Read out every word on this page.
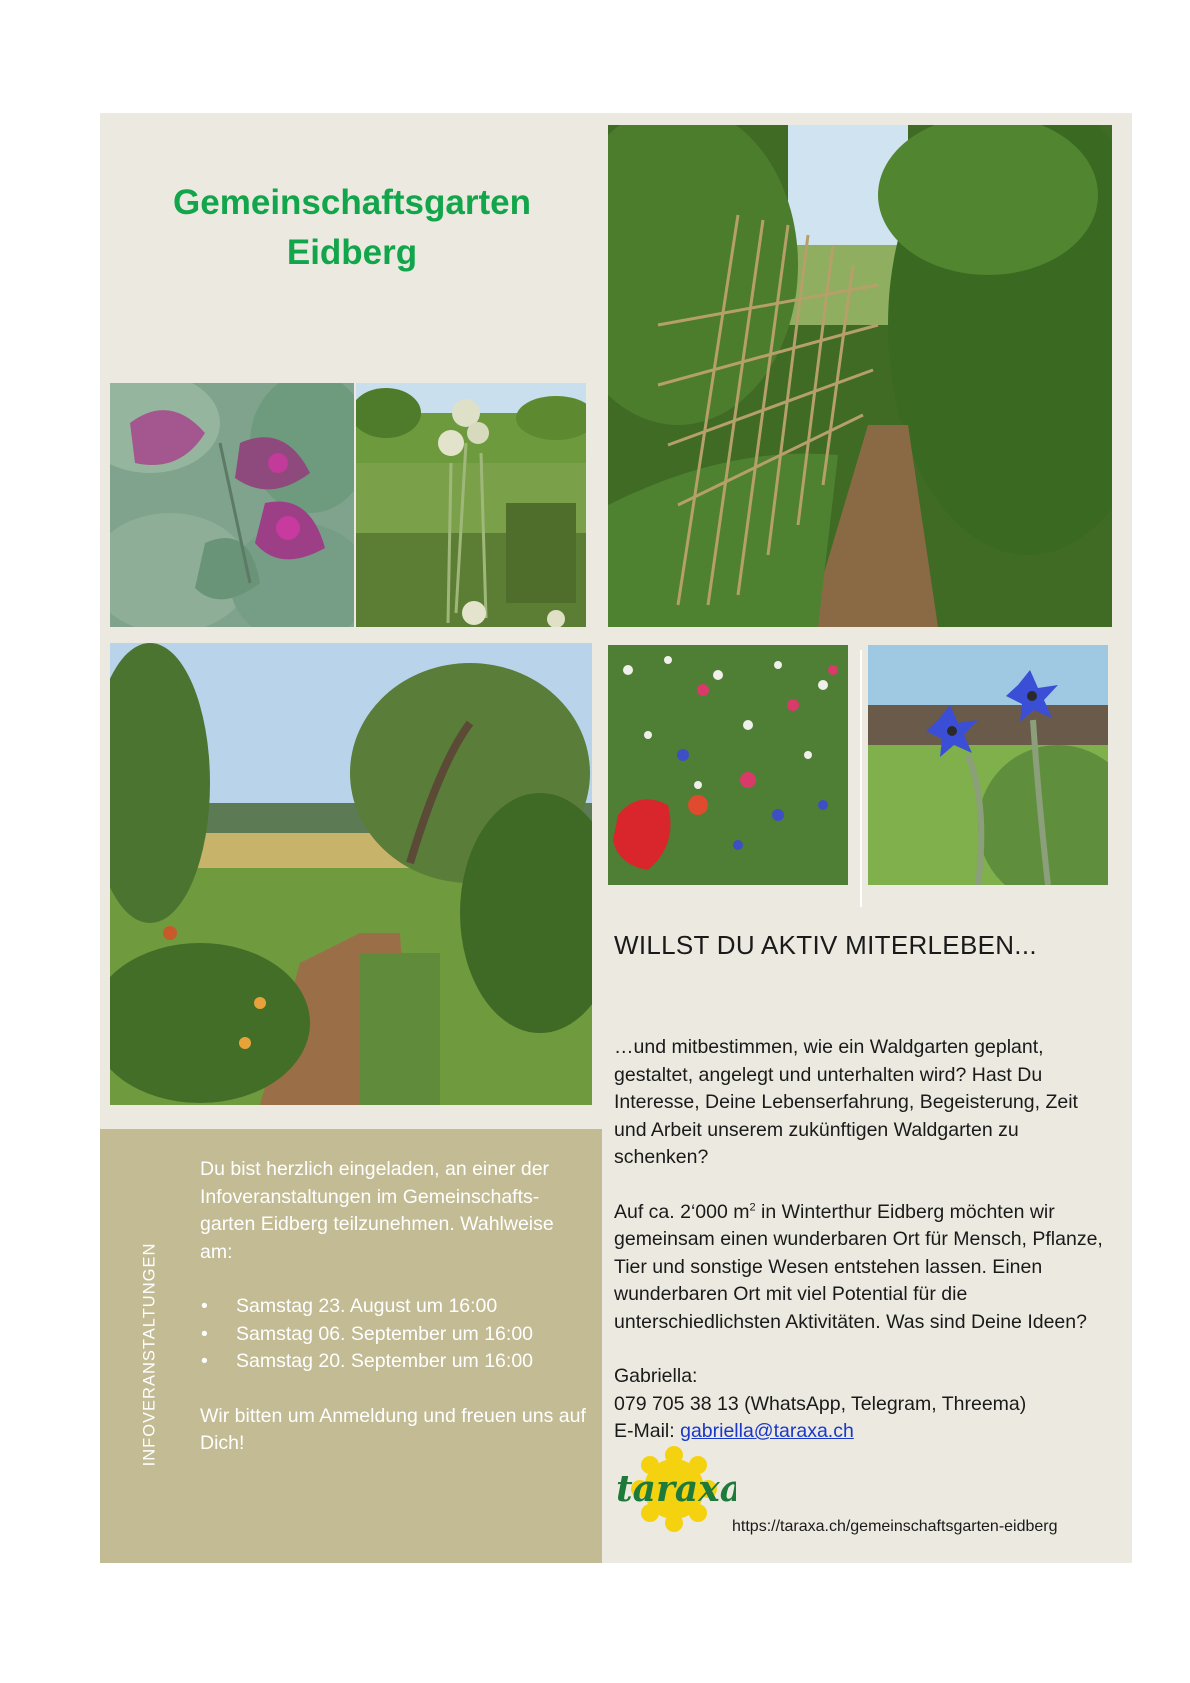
Gemeinschaftsgarten
Eidberg
WILLST DU AKTIV MITERLEBEN...

…und mitbestimmen, wie ein Waldgarten geplant, gestaltet, angelegt und unterhalten wird? Hast Du Interesse, Deine Lebenserfahrung, Begeisterung, Zeit und Arbeit unserem zukünftigen Waldgarten zu schenken?

Auf ca. 2‘000 $m^2$ in Winterthur Eidberg möchten wir gemeinsam einen wunderbaren Ort für Mensch, Pflanze, Tier und sonstige Wesen entstehen lassen. Einen wunderbaren Ort mit viel Potential für die unterschiedlichsten Aktivitäten. Was sind Deine Ideen?

Gabriella:

079 705 38 13 (WhatsApp, Telegram, Threema)

E-Mail: gabriella@taraxa.ch

INFOVERANSTALTUNGEN

Du bist herzlich eingeladen, an einer der Infoveranstaltungen im Gemeinschafts-garten Eidberg teilzunehmen. Wahlweise am:

• Samstag 23. August um 16:00
• Samstag 06. September um 16:00
• Samstag 20. September um 16:00

Wir bitten um Anmeldung und freuen uns auf Dich!

taraxa
https://taraxa.ch/gemeinschaftsgarten-eidberg
